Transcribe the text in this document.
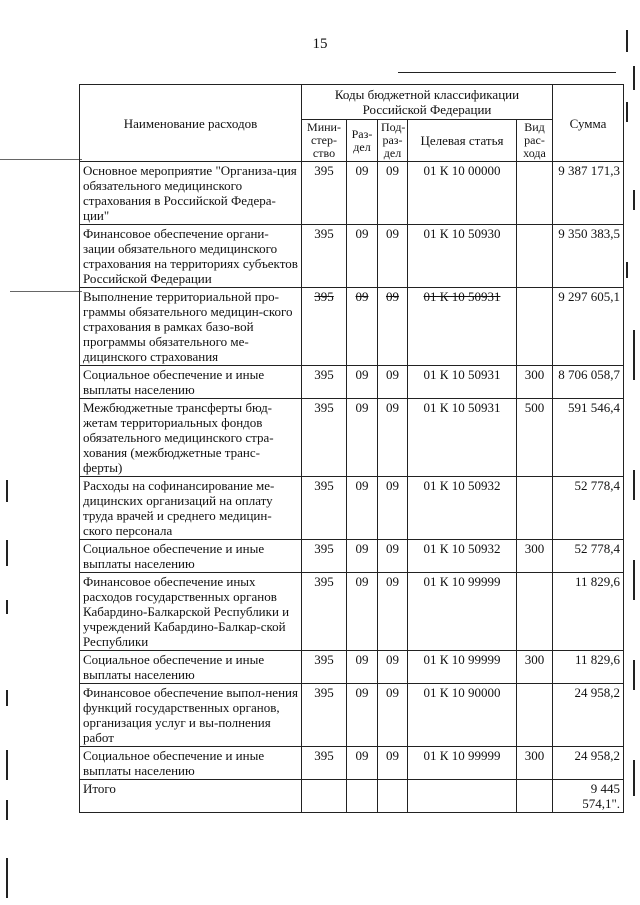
15
Наименование расходов	Коды бюджетной классификации Российской Федерации					Сумма
	Мини-стер-ство	Раз-дел	Под-раз-дел	Целевая статья	Вид рас-хода	
Основное мероприятие "Организа-ция обязательного медицинского страхования в Российской Федера-ции"	395	09	09	01 К 10 00000		9 387 171,3
Финансовое обеспечение органи-зации обязательного медицинского страхования на территориях субъектов Российской Федерации	395	09	09	01 К 10 50930		9 350 383,5
Выполнение территориальной про-граммы обязательного медицин-ского страхования в рамках базо-вой программы обязательного ме-дицинского страхования	395	09	09	01 К 10 50931		9 297 605,1
Социальное обеспечение и иные выплаты населению	395	09	09	01 К 10 50931	300	8 706 058,7
Межбюджетные трансферты бюд-жетам территориальных фондов обязательного медицинского стра-хования (межбюджетные транс-ферты)	395	09	09	01 К 10 50931	500	591 546,4
Расходы на софинансирование ме-дицинских организаций на оплату труда врачей и среднего медицин-ского персонала	395	09	09	01 К 10 50932		52 778,4
Социальное обеспечение и иные выплаты населению	395	09	09	01 К 10 50932	300	52 778,4
Финансовое обеспечение иных расходов государственных органов Кабардино-Балкарской Республики и учреждений Кабардино-Балкар-ской Республики	395	09	09	01 К 10 99999		11 829,6
Социальное обеспечение и иные выплаты населению	395	09	09	01 К 10 99999	300	11 829,6
Финансовое обеспечение выпол-нения функций государственных органов, организация услуг и вы-полнения работ	395	09	09	01 К 10 90000		24 958,2
Социальное обеспечение и иные выплаты населению	395	09	09	01 К 10 99999	300	24 958,2
Итого						9 445 574,1".
